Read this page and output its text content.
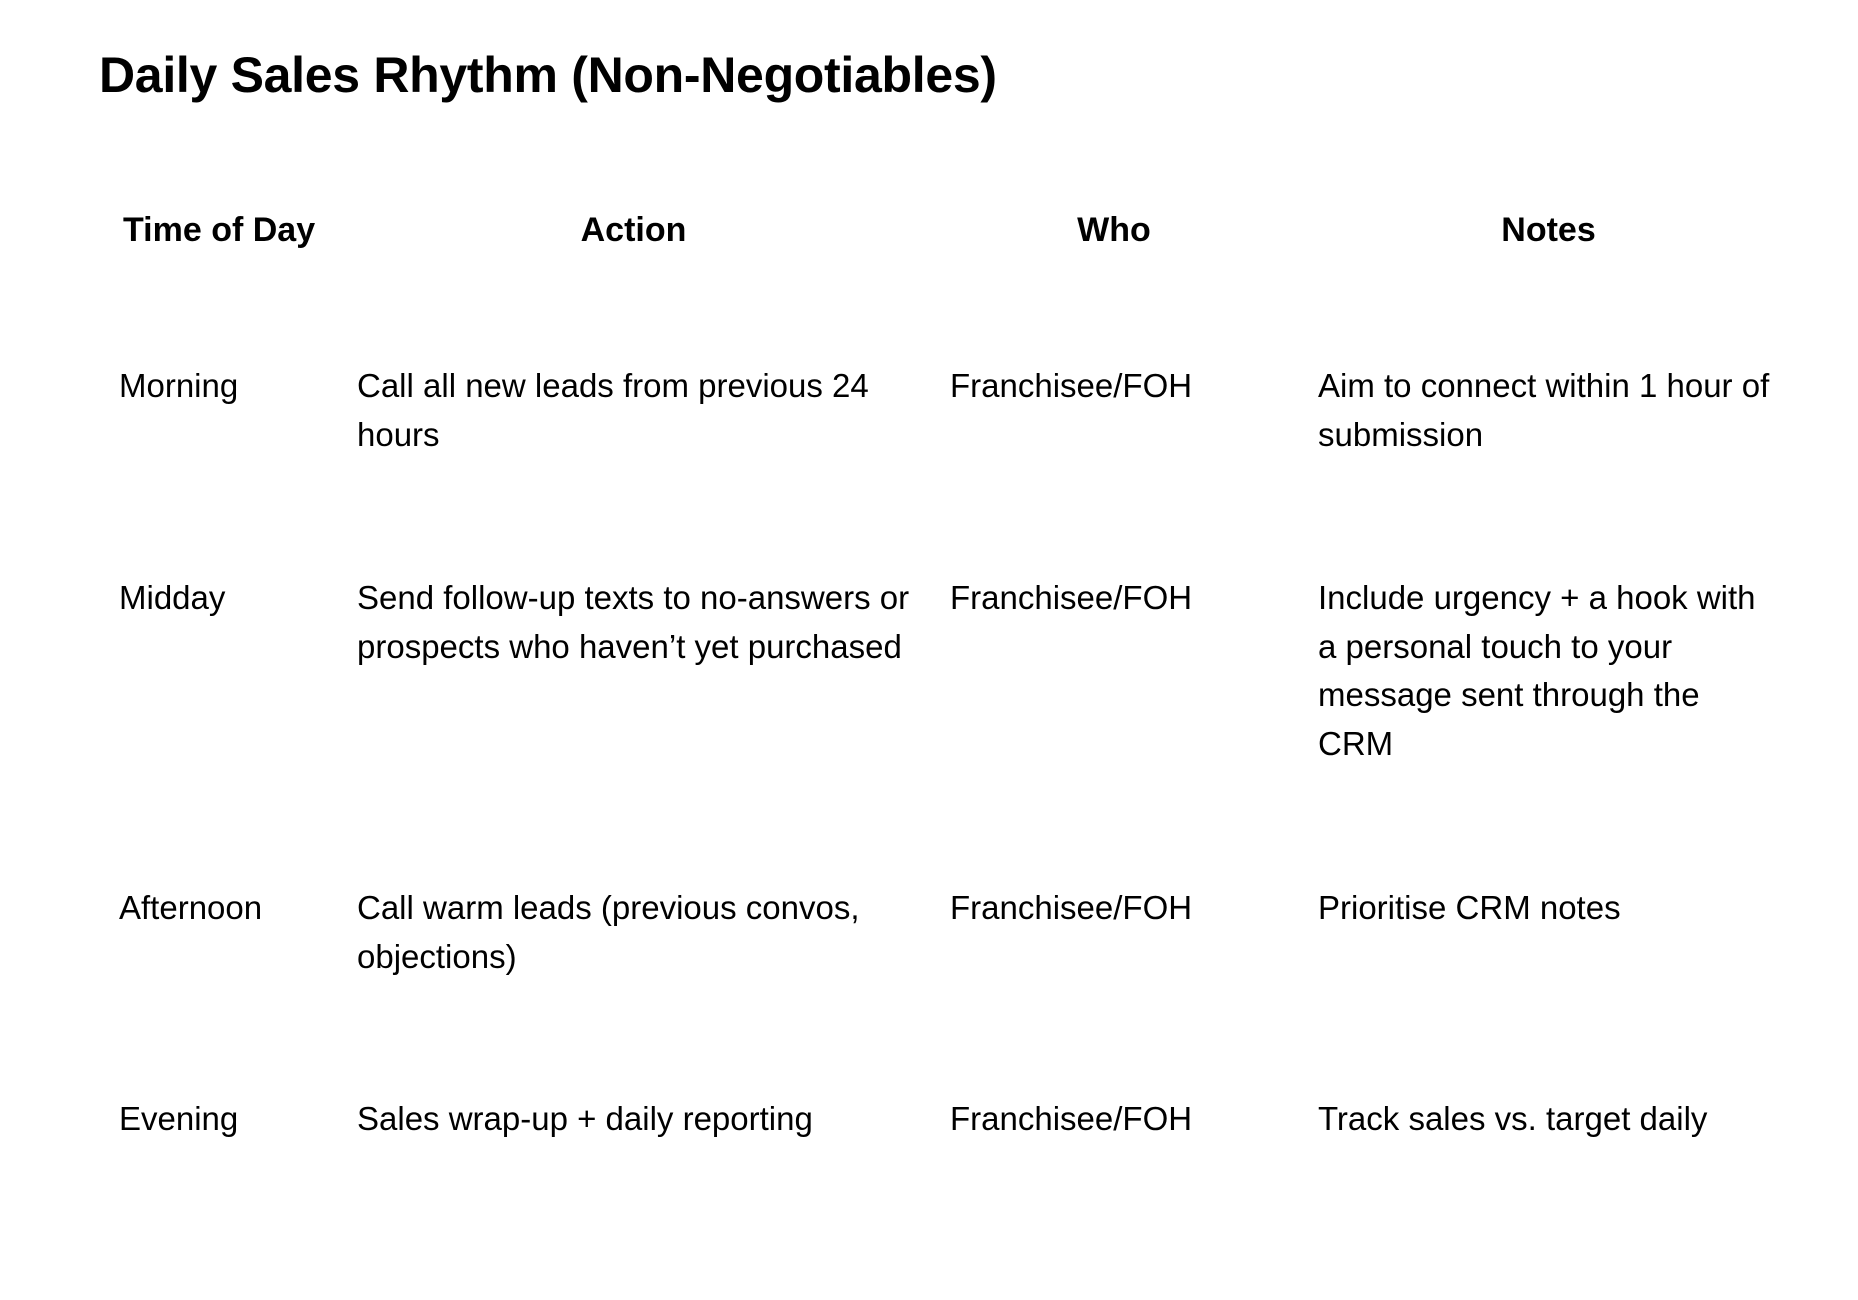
Daily Sales Rhythm (Non-Negotiables)
Time of Day	Action	Who	Notes

Morning	Call all new leads from previous 24 hours	Franchisee/FOH	Aim to connect within 1 hour of submission
Midday	Send follow-up texts to no-answers or prospects who haven’t yet purchased	Franchisee/FOH	Include urgency + a hook with a personal touch to your message sent through the CRM
Afternoon	Call warm leads (previous convos, objections)	Franchisee/FOH	Prioritise CRM notes
Evening	Sales wrap-up + daily reporting	Franchisee/FOH	Track sales vs. target daily
